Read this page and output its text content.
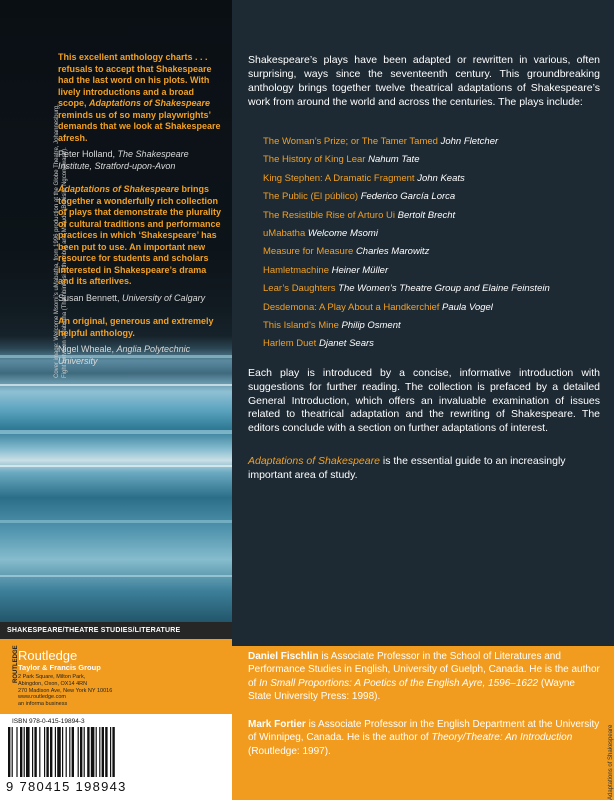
Cover image: Welcome Msomi’s uMabatha, from 1996 production at the Globe Theatre, Johannesburg. Fight between uMabatha (Thembinkosi Mthembu) and Mafudu (Bonisile Ngcongwane).

This excellent anthology charts . . . refusals to accept that Shakespeare had the last word on his plots. With lively introductions and a broad scope, Adaptations of Shakespeare reminds us of so many playwrights’ demands that we look at Shakespeare afresh.

Peter Holland, The Shakespeare Institute, Stratford-upon-Avon

Adaptations of Shakespeare brings together a wonderfully rich collection of plays that demonstrate the plurality of cultural traditions and performance practices in which ‘Shakespeare’ has been put to use. An important new resource for students and scholars interested in Shakespeare’s drama and its afterlives.

Susan Bennett, University of Calgary

An original, generous and extremely helpful anthology.

Nigel Wheale, Anglia Polytechnic University

SHAKESPEARE/THEATRE STUDIES/LITERATURE
ROUTLEDGE Routledge
Taylor & Francis Group
2 Park Square, Milton Park,
Abingdon, Oxon, OX14 4RN
270 Madison Ave, New York NY 10016
www.routledge.com
an informa business
ISBN 978-0-415-19894-3
9 780415 198943

Shakespeare’s plays have been adapted or rewritten in various, often surprising, ways since the seventeenth century. This groundbreaking anthology brings together twelve theatrical adaptations of Shakespeare’s work from around the world and across the centuries. The plays include:

The Woman’s Prize; or The Tamer Tamed John Fletcher
The History of King Lear Nahum Tate
King Stephen: A Dramatic Fragment John Keats
The Public (El público) Federico García Lorca
The Resistible Rise of Arturo Ui Bertolt Brecht
uMabatha Welcome Msomi
Measure for Measure Charles Marowitz
Hamletmachine Heiner Müller
Lear’s Daughters The Women’s Theatre Group and Elaine Feinstein
Desdemona: A Play About a Handkerchief Paula Vogel
This Island’s Mine Philip Osment
Harlem Duet Djanet Sears

Each play is introduced by a concise, informative introduction with suggestions for further reading. The collection is prefaced by a detailed General Introduction, which offers an invaluable examination of issues related to theatrical adaptation and the rewriting of Shakespeare. The editors conclude with a section on further adaptations of interest.

Adaptations of Shakespeare is the essential guide to an increasingly important area of study.

Daniel Fischlin is Associate Professor in the School of Literatures and Performance Studies in English, University of Guelph, Canada. He is the author of In Small Proportions: A Poetics of the English Ayre, 1596–1622 (Wayne State University Press: 1998).

Mark Fortier is Associate Professor in the English Department at the University of Winnipeg, Canada. He is the author of Theory/Theatre: An Introduction (Routledge: 1997).	Adaptations of Shakespeare
